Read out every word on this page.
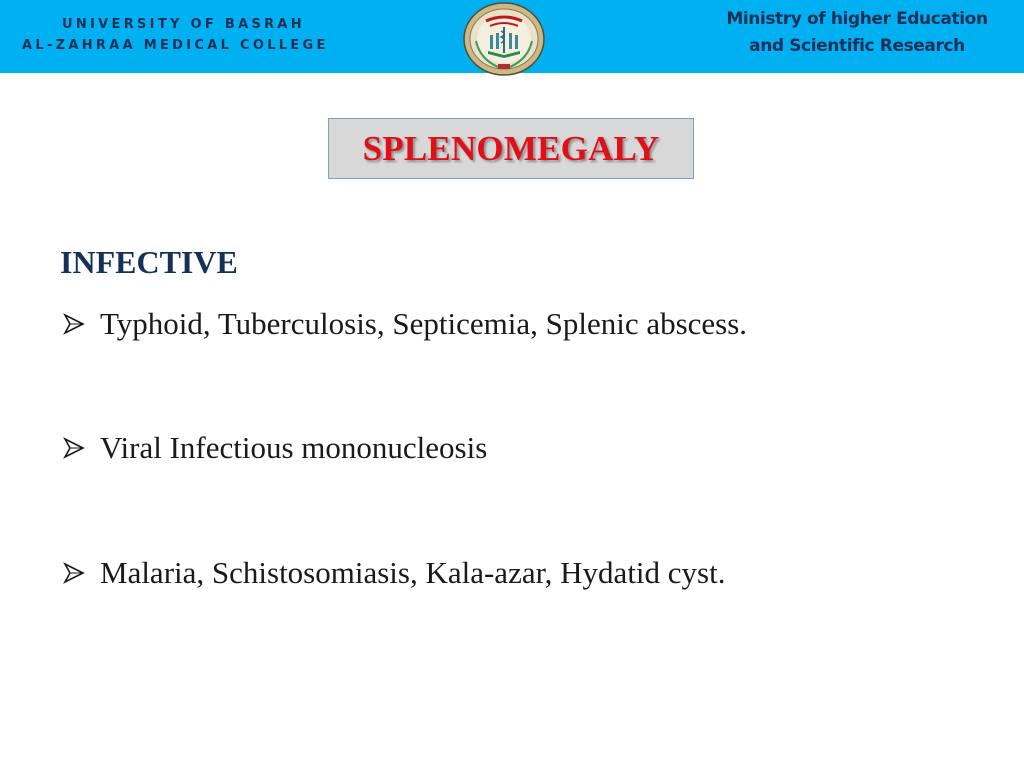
UNIVERSITY OF BASRAH
AL-ZAHRAA MEDICAL COLLEGE
Ministry of higher Education
and Scientific Research
SPLENOMEGALY
INFECTIVE
Typhoid, Tuberculosis, Septicemia, Splenic abscess.
Viral Infectious mononucleosis
Malaria, Schistosomiasis, Kala-azar, Hydatid cyst.
